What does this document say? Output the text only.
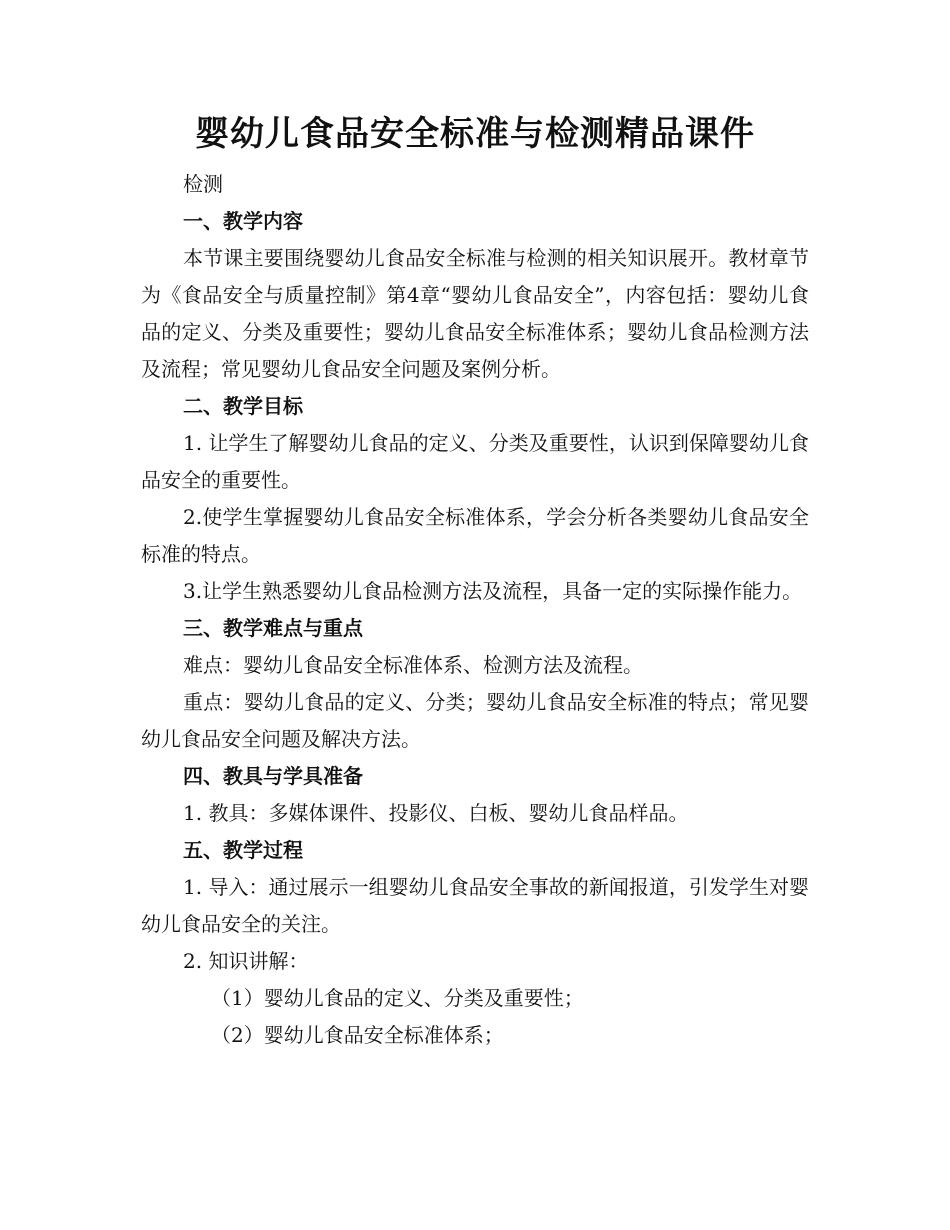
婴幼儿食品安全标准与检测精品课件

检测

一、教学内容

本节课主要围绕婴幼儿食品安全标准与检测的相关知识展开。教材章节为《食品安全与质量控制》第4章“婴幼儿食品安全”，内容包括：婴幼儿食品的定义、分类及重要性；婴幼儿食品安全标准体系；婴幼儿食品检测方法及流程；常见婴幼儿食品安全问题及案例分析。

二、教学目标

1. 让学生了解婴幼儿食品的定义、分类及重要性，认识到保障婴幼儿食品安全的重要性。

2.使学生掌握婴幼儿食品安全标准体系，学会分析各类婴幼儿食品安全标准的特点。

3.让学生熟悉婴幼儿食品检测方法及流程，具备一定的实际操作能力。

三、教学难点与重点

难点：婴幼儿食品安全标准体系、检测方法及流程。

重点：婴幼儿食品的定义、分类；婴幼儿食品安全标准的特点；常见婴幼儿食品安全问题及解决方法。

四、教具与学具准备

1. 教具：多媒体课件、投影仪、白板、婴幼儿食品样品。

五、教学过程

1. 导入：通过展示一组婴幼儿食品安全事故的新闻报道，引发学生对婴幼儿食品安全的关注。

2. 知识讲解：

（1）婴幼儿食品的定义、分类及重要性；

（2）婴幼儿食品安全标准体系；
